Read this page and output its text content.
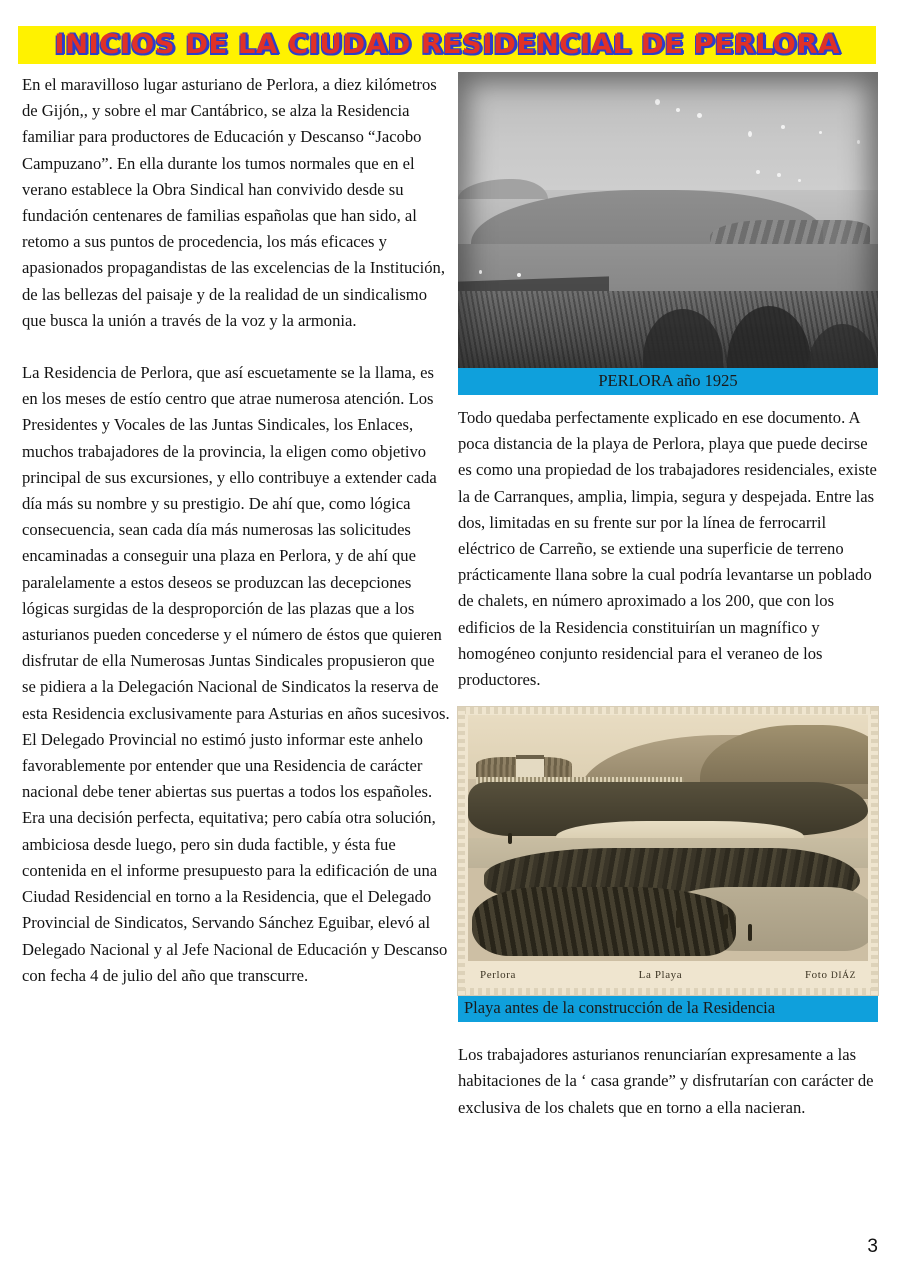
INICIOS DE LA CIUDAD RESIDENCIAL DE PERLORA

En el maravilloso lugar asturiano de Perlora, a diez kilómetros de Gijón,, y sobre el mar Cantábrico, se alza la Residencia familiar para productores de Educación y Descanso “Jacobo Campuzano”. En ella durante los tumos normales que en el verano establece la Obra Sindical han convivido desde su fundación centenares de familias españolas que han sido, al retomo a sus puntos de procedencia, los más eficaces y apasionados propagandistas de las excelencias de la Institución, de las bellezas del paisaje y de la realidad de un sindicalismo que busca la unión a través de la voz y la armonia.

La Residencia de Perlora, que así escuetamente se la llama, es en los meses de estío centro que atrae numerosa atención. Los Presidentes y Vocales de las Juntas Sindicales, los Enlaces, muchos trabajadores de la provincia, la eligen como objetivo principal de sus excursiones, y ello contribuye a extender cada día más su nombre y su prestigio. De ahí que, como lógica consecuencia, sean cada día más numerosas las solicitudes encaminadas a conseguir una plaza en Perlora, y de ahí que paralelamente a estos deseos se produzcan las decepciones lógicas surgidas de la desproporción de las plazas que a los asturianos pueden concederse y el número de éstos que quieren disfrutar de ella Numerosas Juntas Sindicales propusieron que se pidiera a la Delegación Nacional de Sindicatos la reserva de esta Residencia exclusivamente para Asturias en años sucesivos. El Delegado Provincial no estimó justo informar este anhelo favorablemente por entender que una Residencia de carácter nacional debe tener abiertas sus puertas a todos los españoles. Era una decisión perfecta, equitativa; pero cabía otra solución, ambiciosa desde luego, pero sin duda factible, y ésta fue contenida en el informe presupuesto para la edificación de una Ciudad Residencial en torno a la Residencia, que el Delegado Provincial de Sindicatos, Servando Sánchez Eguibar, elevó al Delegado Nacional y al Jefe Nacional de Educación y Descanso con fecha 4 de julio del año que transcurre.

PERLORA año 1925

Todo quedaba perfectamente explicado en ese documento. A poca distancia de la playa de Perlora, playa que puede decirse es como una propiedad de los trabajadores residenciales, existe la de Carranques, amplia, limpia, segura y despejada. Entre las dos, limitadas en su frente sur por la línea de ferrocarril eléctrico de Carreño, se extiende una superficie de terreno prácticamente llana sobre la cual podría levantarse un poblado de chalets, en número aproximado a los 200, que con los edificios de la Residencia constituirían un magnífico y homogéneo conjunto residencial para el veraneo de los productores.

Perlora	La Playa	Foto DIÁZ
Playa antes de la construcción de la Residencia

Los trabajadores asturianos renunciarían expresamente a las habitaciones de la ‘ casa grande” y disfrutarían con carácter de exclusiva de los chalets que en torno a ella nacieran.

3
